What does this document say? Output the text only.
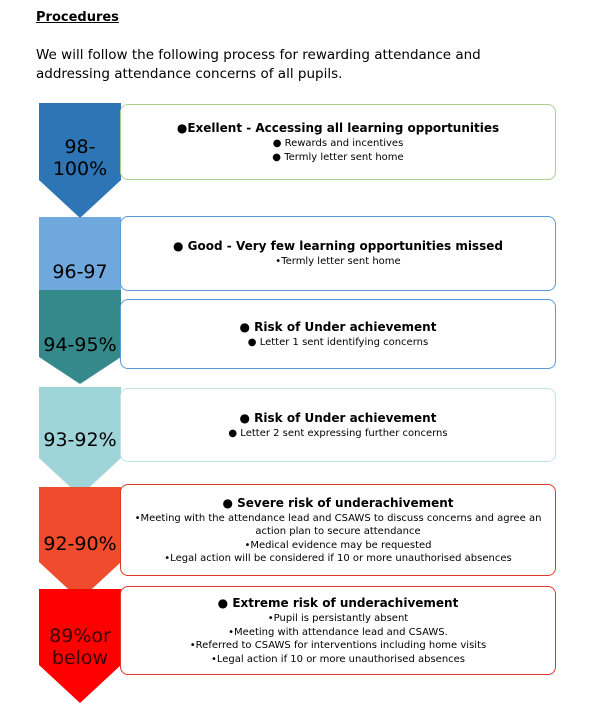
Procedures
We will follow the following process for rewarding attendance and addressing attendance concerns of all pupils.
98-
100%
96-97
94-95%
93-92%
92-90%
89%or
below
●Exellent - Accessing all learning opportunities
● Rewards and incentives
● Termly letter sent home
● Good - Very few learning opportunities missed
•Termly letter sent home
● Risk of Under achievement
● Letter 1 sent identifying concerns
● Risk of Under achievement
● Letter 2 sent expressing further concerns
● Severe risk of underachivement
•Meeting with the attendance lead and CSAWS to discuss concerns and agree an action plan to secure attendance
•Medical evidence may be requested
•Legal action will be considered if 10 or more unauthorised absences
● Extreme risk of underachivement
•Pupil is persistantly absent
•Meeting with attendance lead and CSAWS.
•Referred to CSAWS for interventions including home visits
•Legal action if 10 or more unauthorised absences
